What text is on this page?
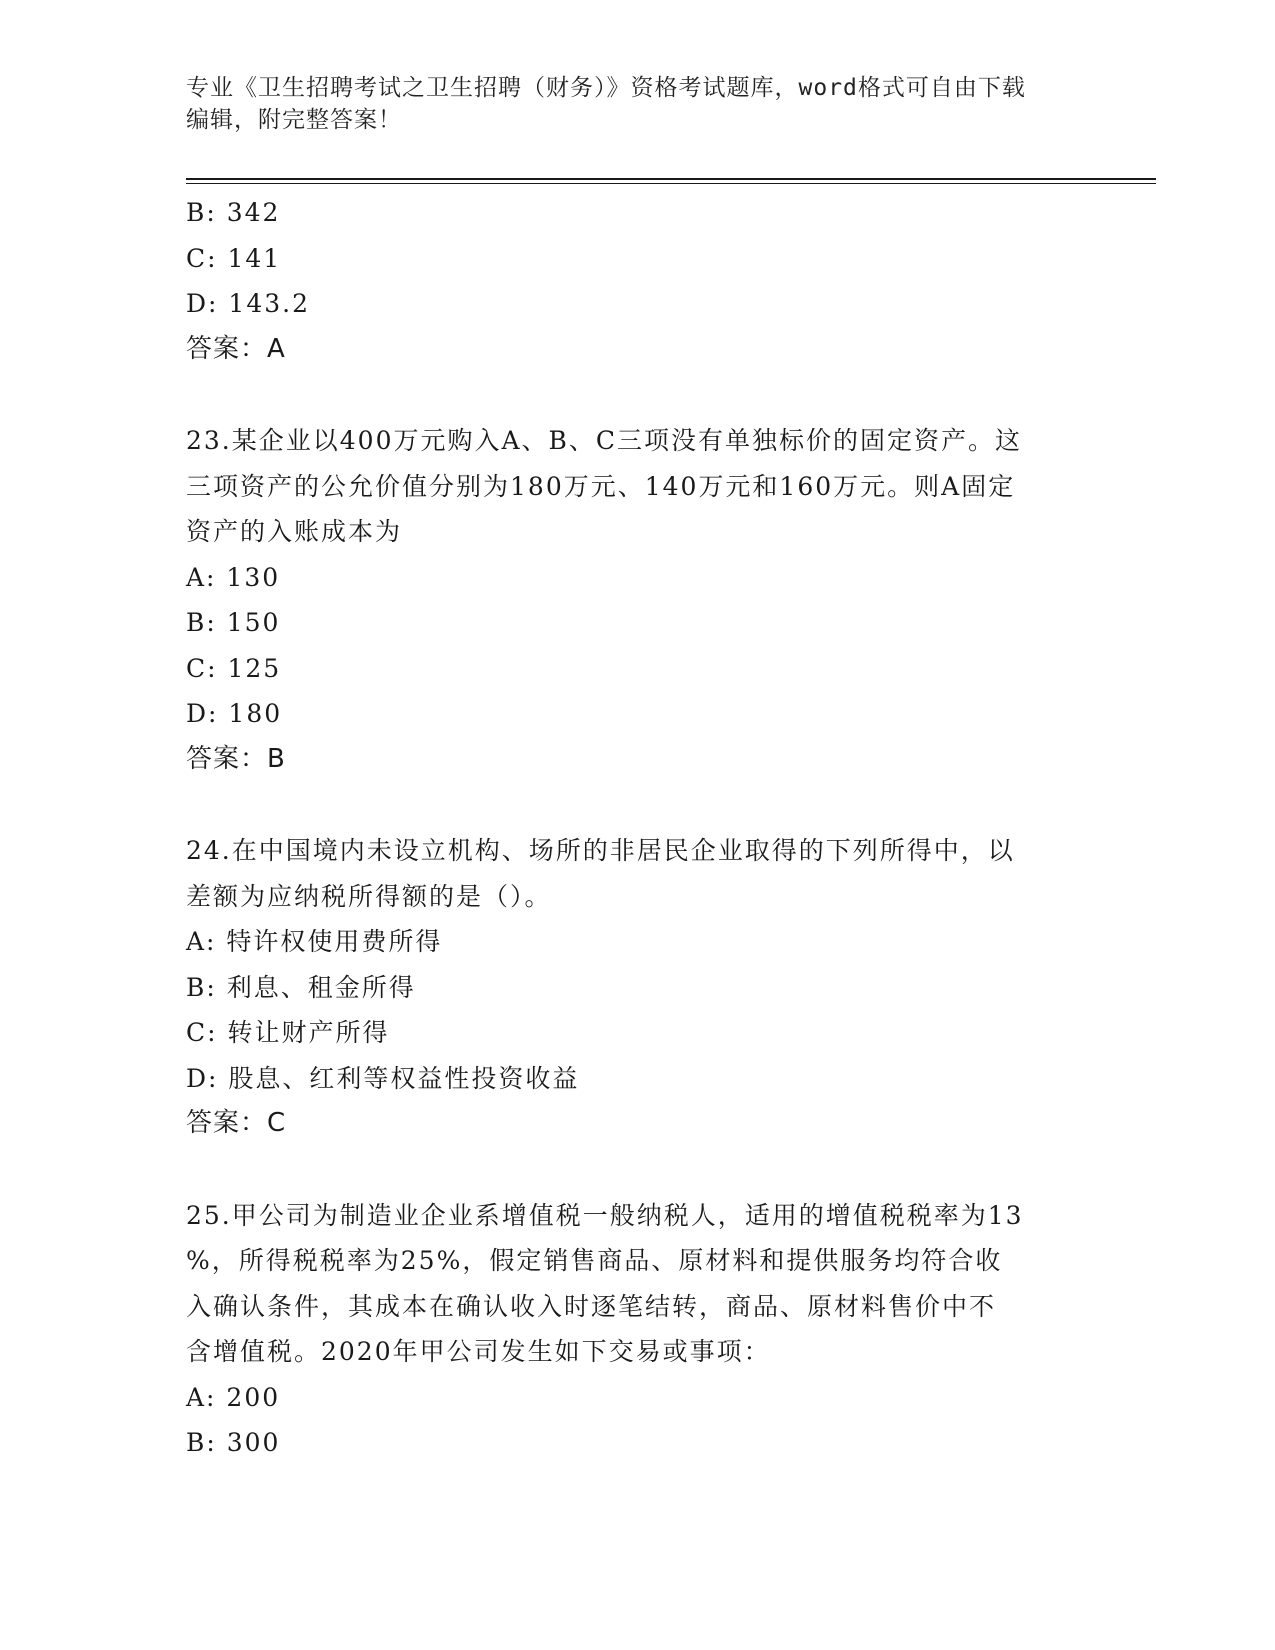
专业《卫生招聘考试之卫生招聘（财务）》资格考试题库，word格式可自由下载
编辑，附完整答案！
B: 342
C: 141
D: 143.2
答案：A
23.某企业以400万元购入A、B、C三项没有单独标价的固定资产。这
三项资产的公允价值分别为180万元、140万元和160万元。则A固定
资产的入账成本为
A: 130
B: 150
C: 125
D: 180
答案：B
24.在中国境内未设立机构、场所的非居民企业取得的下列所得中，以
差额为应纳税所得额的是（）。
A: 特许权使用费所得
B: 利息、租金所得
C: 转让财产所得
D: 股息、红利等权益性投资收益
答案：C
25.甲公司为制造业企业系增值税一般纳税人，适用的增值税税率为13
%，所得税税率为25%，假定销售商品、原材料和提供服务均符合收
入确认条件，其成本在确认收入时逐笔结转，商品、原材料售价中不
含增值税。2020年甲公司发生如下交易或事项：
A: 200
B: 300
